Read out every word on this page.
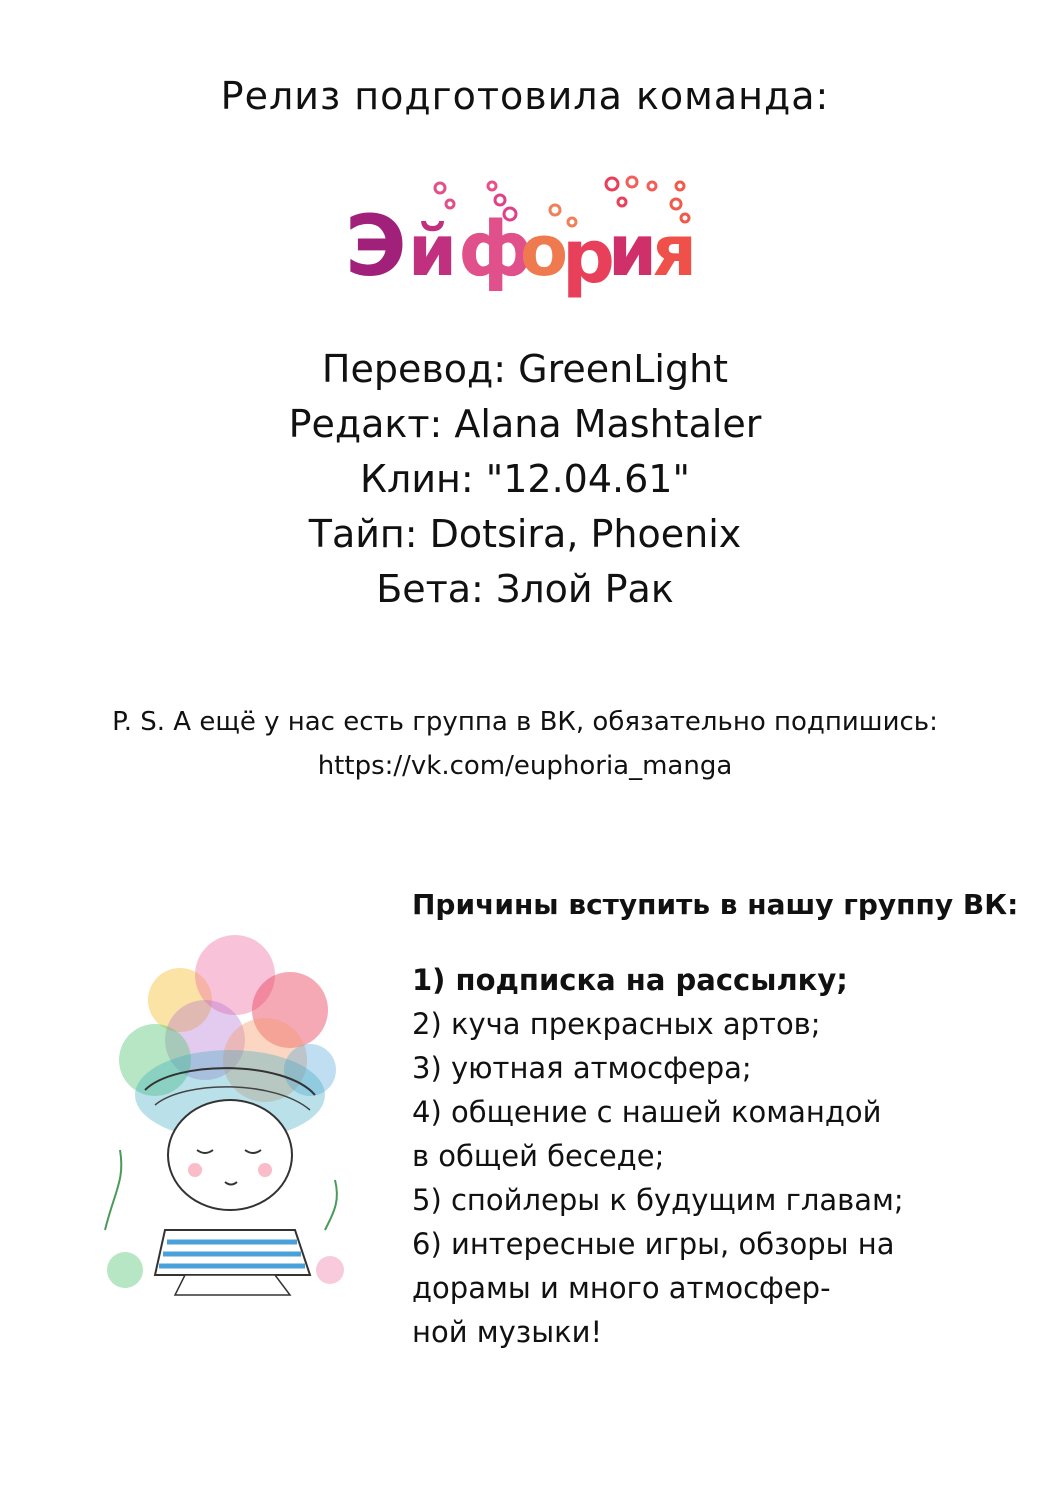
Релиз подготовила команда:
Э й ф
о
р
и
я
Перевод: GreenLight
Редакт: Alana Mashtaler
Клин: "12.04.61"
Тайп: Dotsira, Phoenix
Бета: Злой Рак
P. S. А ещё у нас есть группа в ВК, обязательно подпишись:
https://vk.com/euphoria_manga
Причины вступить в нашу группу ВК:
1) подписка на рассылку;
2) куча прекрасных артов;
3) уютная атмосфера;
4) общение с нашей командой
в общей беседе;
5) спойлеры к будущим главам;
6) интересные игры, обзоры на
дорамы и много атмосфер-
ной музыки!
